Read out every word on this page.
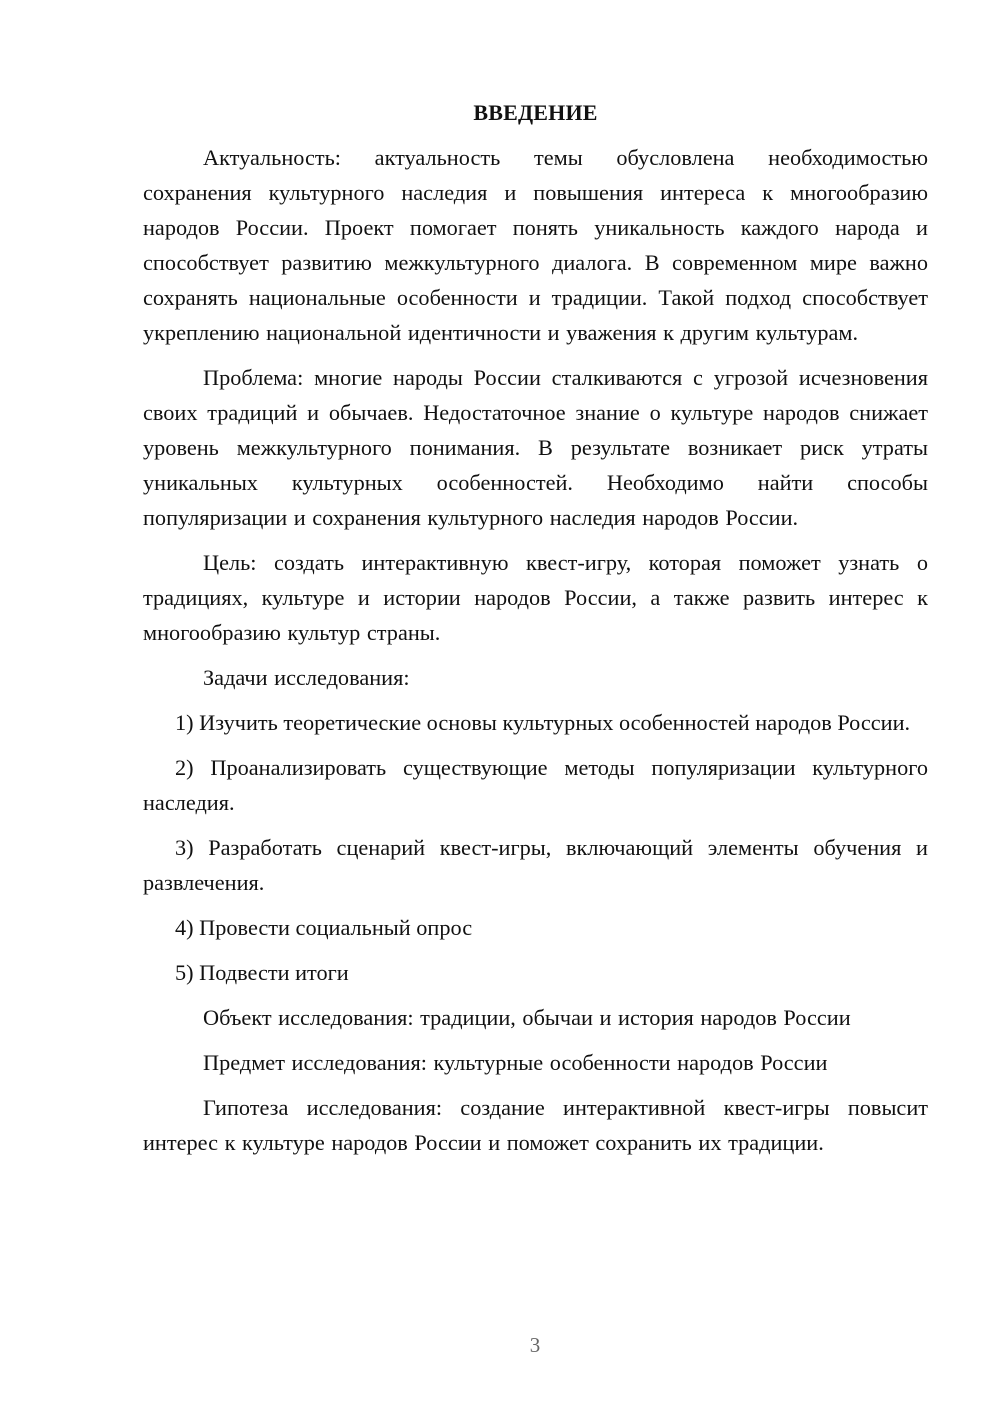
ВВЕДЕНИЕ

Актуальность: актуальность темы обусловлена необходимостью сохранения культурного наследия и повышения интереса к многообразию народов России. Проект помогает понять уникальность каждого народа и способствует развитию межкультурного диалога. В современном мире важно сохранять национальные особенности и традиции. Такой подход способствует укреплению национальной идентичности и уважения к другим культурам.

Проблема: многие народы России сталкиваются с угрозой исчезновения своих традиций и обычаев. Недостаточное знание о культуре народов снижает уровень межкультурного понимания. В результате возникает риск утраты уникальных культурных особенностей. Необходимо найти способы популяризации и сохранения культурного наследия народов России.

Цель: создать интерактивную квест-игру, которая поможет узнать о традициях, культуре и истории народов России, а также развить интерес к многообразию культур страны.

Задачи исследования:

1) Изучить теоретические основы культурных особенностей народов России.

2) Проанализировать существующие методы популяризации культурного наследия.

3) Разработать сценарий квест-игры, включающий элементы обучения и развлечения.

4) Провести социальный опрос

5) Подвести итоги

Объект исследования: традиции, обычаи и история народов России

Предмет исследования: культурные особенности народов России

Гипотеза исследования: создание интерактивной квест-игры повысит интерес к культуре народов России и поможет сохранить их традиции.

3
